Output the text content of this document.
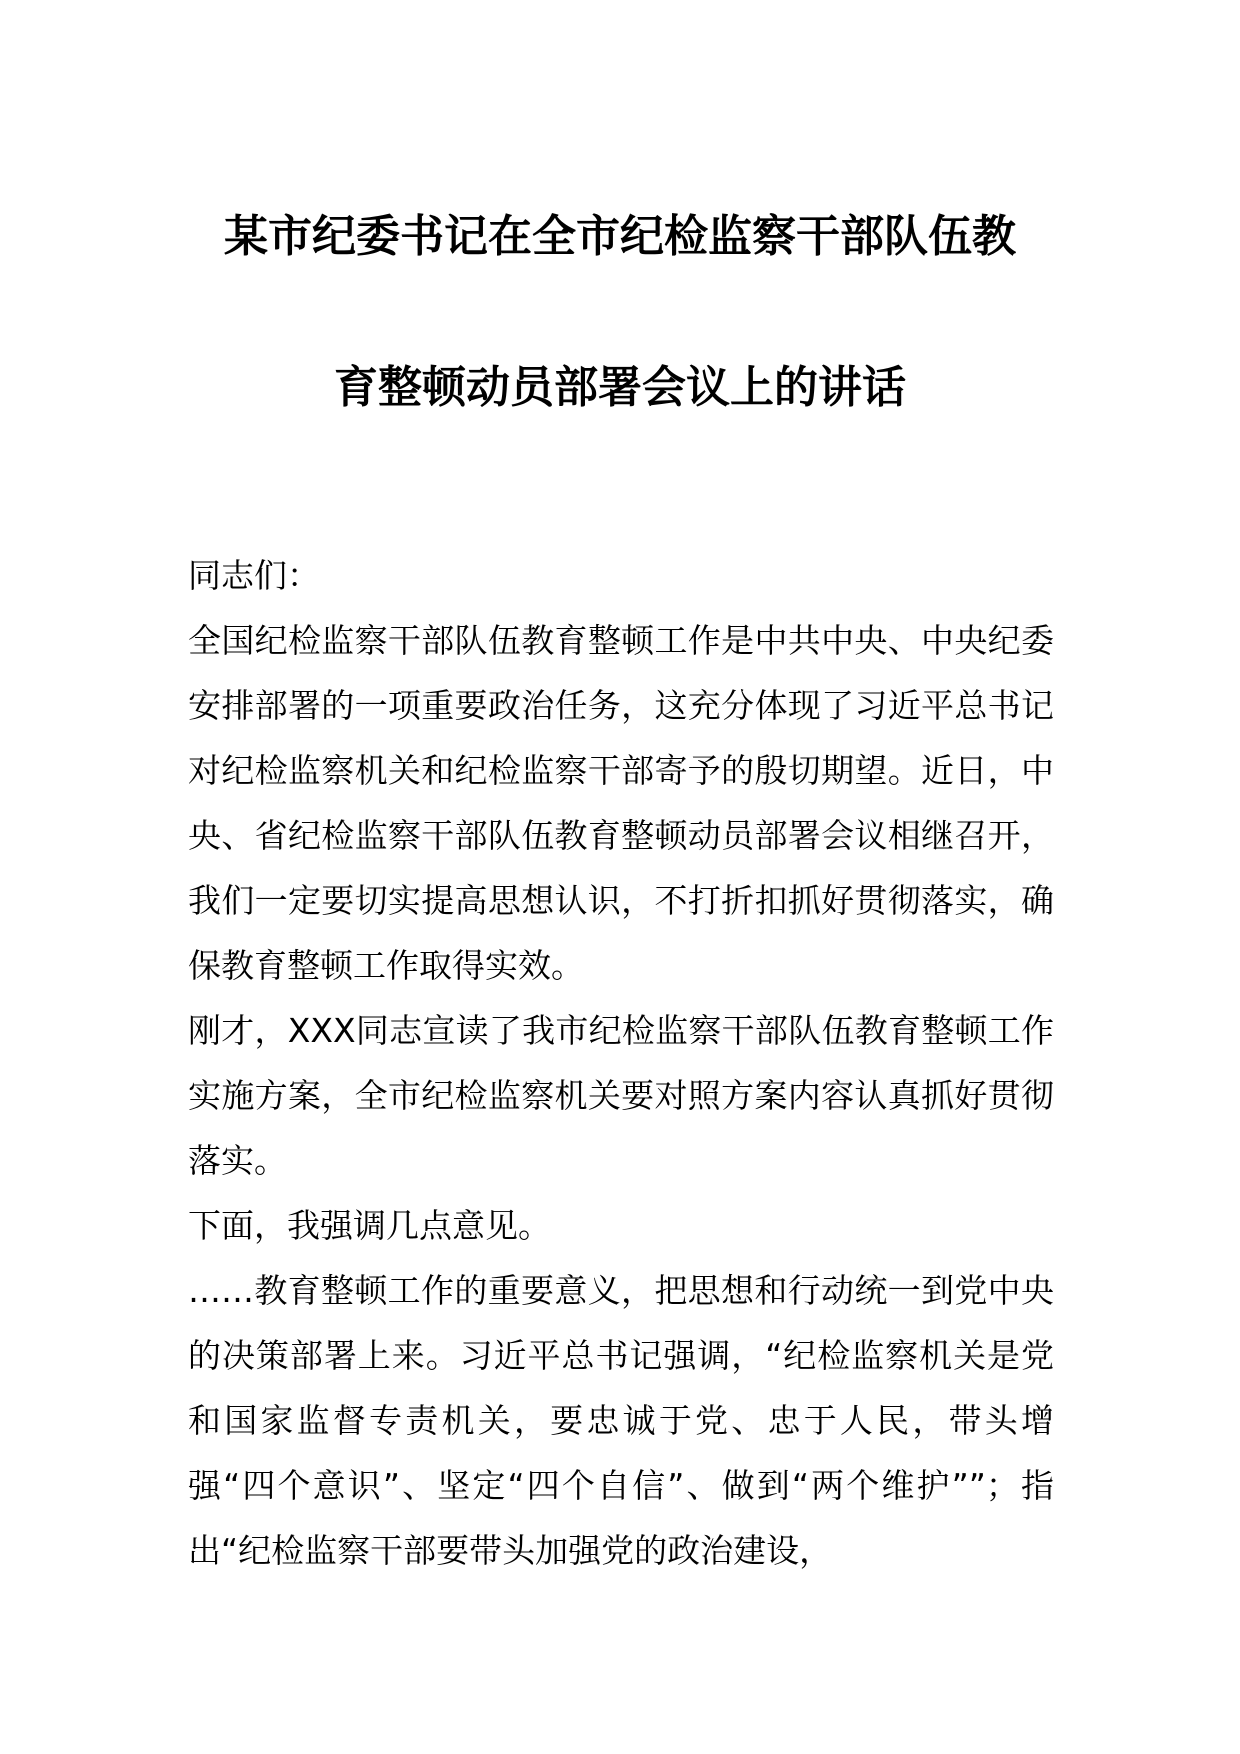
某市纪委书记在全市纪检监察干部队伍教
育整顿动员部署会议上的讲话

同志们：

全国纪检监察干部队伍教育整顿工作是中共中央、中央纪委安排部署的一项重要政治任务，这充分体现了习近平总书记对纪检监察机关和纪检监察干部寄予的殷切期望。近日，中央、省纪检监察干部队伍教育整顿动员部署会议相继召开，我们一定要切实提高思想认识，不打折扣抓好贯彻落实，确保教育整顿工作取得实效。

刚才，XXX同志宣读了我市纪检监察干部队伍教育整顿工作实施方案，全市纪检监察机关要对照方案内容认真抓好贯彻落实。

下面，我强调几点意见。

……教育整顿工作的重要意义，把思想和行动统一到党中央的决策部署上来。习近平总书记强调，“纪检监察机关是党和国家监督专责机关，要忠诚于党、忠于人民，带头增强“四个意识”、坚定“四个自信”、做到“两个维护””；指出“纪检监察干部要带头加强党的政治建设，
